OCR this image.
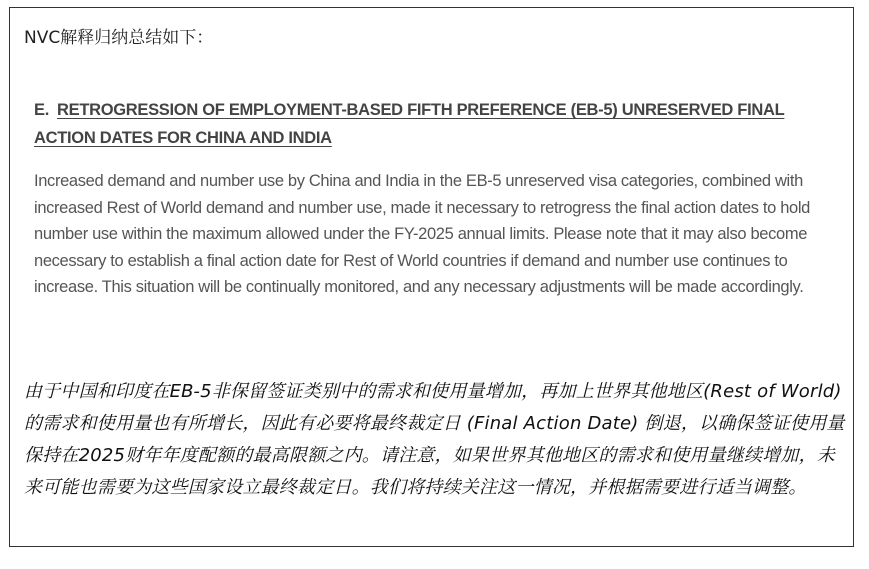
NVC解释归纳总结如下：
E. RETROGRESSION OF EMPLOYMENT-BASED FIFTH PREFERENCE (EB-5) UNRESERVED FINAL ACTION DATES FOR CHINA AND INDIA
Increased demand and number use by China and India in the EB-5 unreserved visa categories, combined with increased Rest of World demand and number use, made it necessary to retrogress the final action dates to hold number use within the maximum allowed under the FY-2025 annual limits. Please note that it may also become necessary to establish a final action date for Rest of World countries if demand and number use continues to increase. This situation will be continually monitored, and any necessary adjustments will be made accordingly.
由于中国和印度在EB-5非保留签证类别中的需求和使用量增加，再加上世界其他地区(Rest of World) 的需求和使用量也有所增长，因此有必要将最终裁定日 (Final Action Date) 倒退，以确保签证使用量保持在2025财年年度配额的最高限额之内。请注意，如果世界其他地区的需求和使用量继续增加，未来可能也需要为这些国家设立最终裁定日。我们将持续关注这一情况，并根据需要进行适当调整。
